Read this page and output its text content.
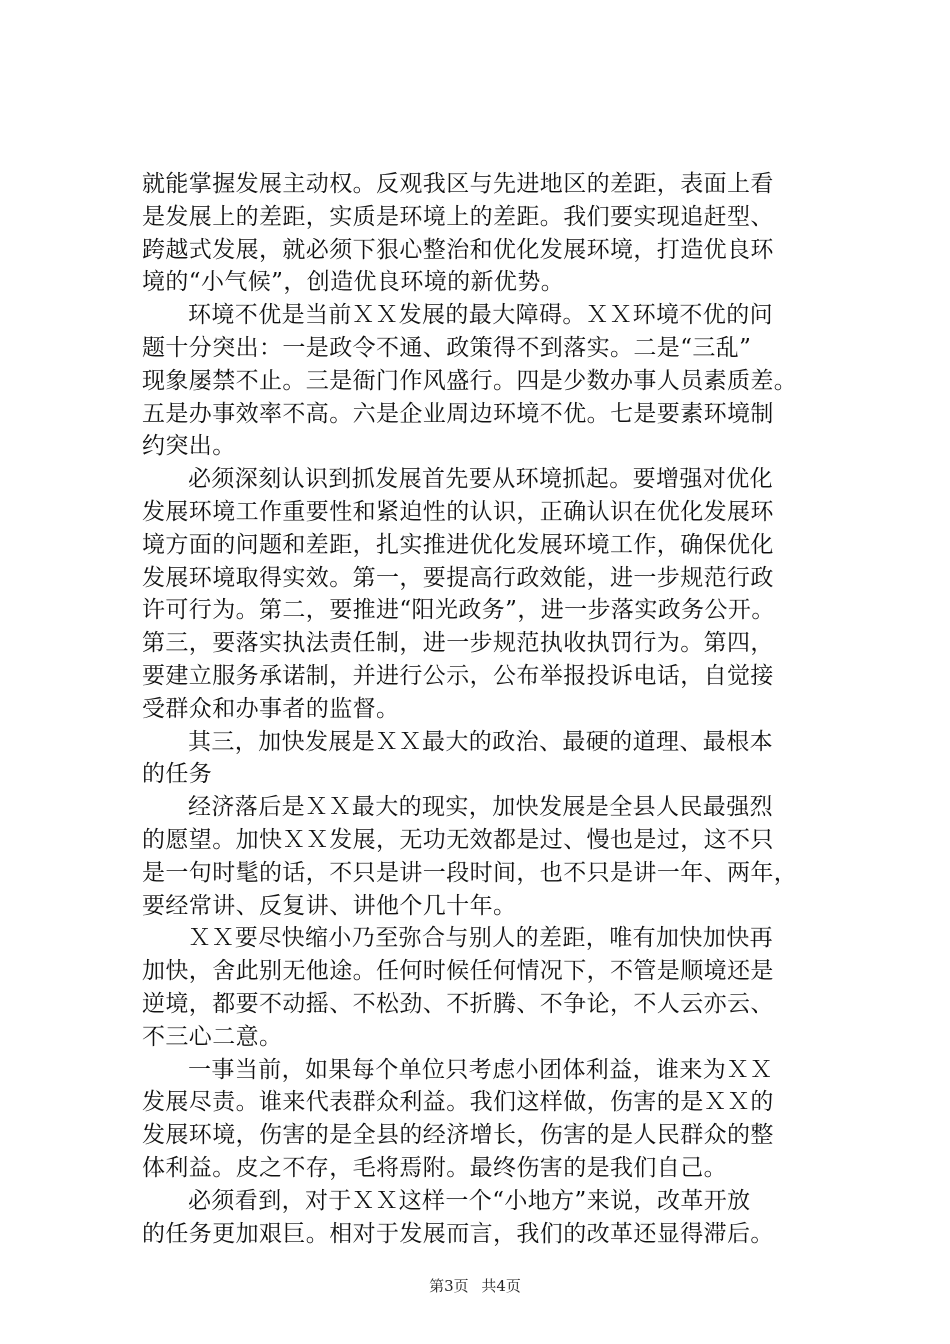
就能掌握发展主动权。反观我区与先进地区的差距，表面上看
是发展上的差距，实质是环境上的差距。我们要实现追赶型、
跨越式发展，就必须下狠心整治和优化发展环境，打造优良环
境的“小气候”，创造优良环境的新优势。
环境不优是当前ＸＸ发展的最大障碍。ＸＸ环境不优的问
题十分突出：一是政令不通、政策得不到落实。二是“三乱”
现象屡禁不止。三是衙门作风盛行。四是少数办事人员素质差。
五是办事效率不高。六是企业周边环境不优。七是要素环境制
约突出。
必须深刻认识到抓发展首先要从环境抓起。要增强对优化
发展环境工作重要性和紧迫性的认识，正确认识在优化发展环
境方面的问题和差距，扎实推进优化发展环境工作，确保优化
发展环境取得实效。第一，要提高行政效能，进一步规范行政
许可行为。第二，要推进“阳光政务”，进一步落实政务公开。
第三，要落实执法责任制，进一步规范执收执罚行为。第四，
要建立服务承诺制，并进行公示，公布举报投诉电话，自觉接
受群众和办事者的监督。
其三，加快发展是ＸＸ最大的政治、最硬的道理、最根本
的任务
经济落后是ＸＸ最大的现实，加快发展是全县人民最强烈
的愿望。加快ＸＸ发展，无功无效都是过、慢也是过，这不只
是一句时髦的话，不只是讲一段时间，也不只是讲一年、两年，
要经常讲、反复讲、讲他个几十年。
ＸＸ要尽快缩小乃至弥合与别人的差距，唯有加快加快再
加快，舍此别无他途。任何时候任何情况下，不管是顺境还是
逆境，都要不动摇、不松劲、不折腾、不争论，不人云亦云、
不三心二意。
一事当前，如果每个单位只考虑小团体利益，谁来为ＸＸ
发展尽责。谁来代表群众利益。我们这样做，伤害的是ＸＸ的
发展环境，伤害的是全县的经济增长，伤害的是人民群众的整
体利益。皮之不存，毛将焉附。最终伤害的是我们自己。
必须看到，对于ＸＸ这样一个“小地方”来说，改革开放
的任务更加艰巨。相对于发展而言，我们的改革还显得滞后。
第3页 共4页
